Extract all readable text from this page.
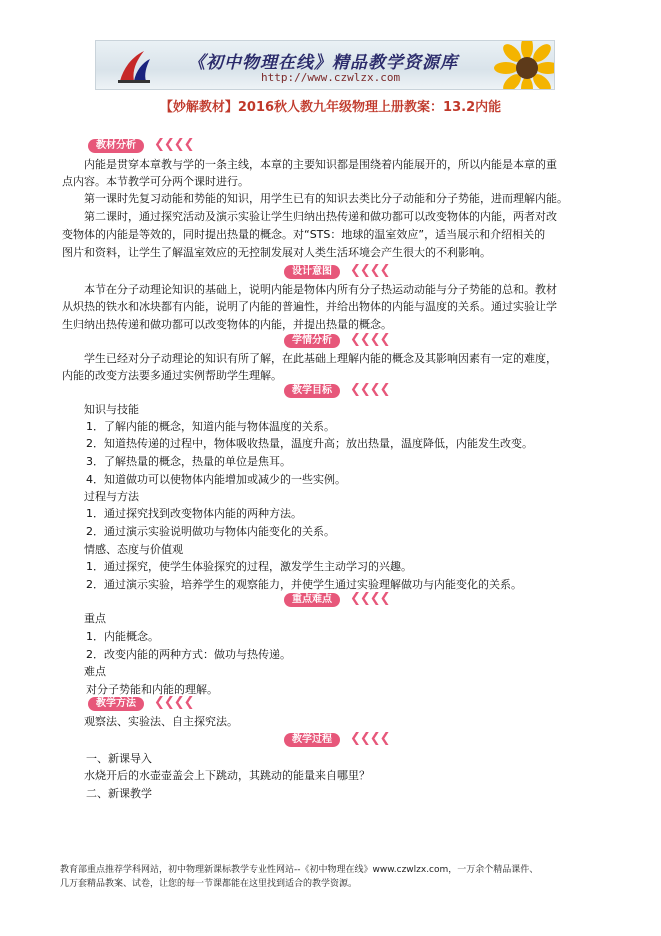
《初中物理在线》精品教学资源库
http://www.czwlzx.com
【妙解教材】2016秋人教九年级物理上册教案：13.2内能
教材分析	❮❮❮❮
设计意图	❮❮❮❮
学情分析	❮❮❮❮
教学目标	❮❮❮❮
重点难点	❮❮❮❮
教学方法	❮❮❮❮
教学过程	❮❮❮❮
　　内能是贯穿本章教与学的一条主线，本章的主要知识都是围绕着内能展开的，所以内能是本章的重
点内容。本节教学可分两个课时进行。
　　第一课时先复习动能和势能的知识，用学生已有的知识去类比分子动能和分子势能，进而理解内能。
　　第二课时，通过探究活动及演示实验让学生归纳出热传递和做功都可以改变物体的内能，两者对改
变物体的内能是等效的，同时提出热量的概念。对“STS：地球的温室效应”，适当展示和介绍相关的
图片和资料，让学生了解温室效应的无控制发展对人类生活环境会产生很大的不利影响。
　　本节在分子动理论知识的基础上，说明内能是物体内所有分子热运动动能与分子势能的总和。教材
从炽热的铁水和冰块都有内能，说明了内能的普遍性，并给出物体的内能与温度的关系。通过实验让学
生归纳出热传递和做功都可以改变物体的内能，并提出热量的概念。
　　学生已经对分子动理论的知识有所了解，在此基础上理解内能的概念及其影响因素有一定的难度，
内能的改变方法要多通过实例帮助学生理解。
　　知识与技能
1．了解内能的概念，知道内能与物体温度的关系。
2．知道热传递的过程中，物体吸收热量，温度升高；放出热量，温度降低，内能发生改变。
3．了解热量的概念，热量的单位是焦耳。
4．知道做功可以使物体内能增加或减少的一些实例。
　　过程与方法
1．通过探究找到改变物体内能的两种方法。
2．通过演示实验说明做功与物体内能变化的关系。
　　情感、态度与价值观
1．通过探究，使学生体验探究的过程，激发学生主动学习的兴趣。
2．通过演示实验，培养学生的观察能力，并使学生通过实验理解做功与内能变化的关系。
　　重点
1．内能概念。
2．改变内能的两种方式：做功与热传递。
　　难点
对分子势能和内能的理解。
　　观察法、实验法、自主探究法。
一、新课导入
　　水烧开后的水壶壶盖会上下跳动，其跳动的能量来自哪里？
二、新课教学
教育部重点推荐学科网站，初中物理新课标教学专业性网站--《初中物理在线》www.czwlzx.com，一万余个精品课件、
几万套精品教案、试卷，让您的每一节课都能在这里找到适合的教学资源。
